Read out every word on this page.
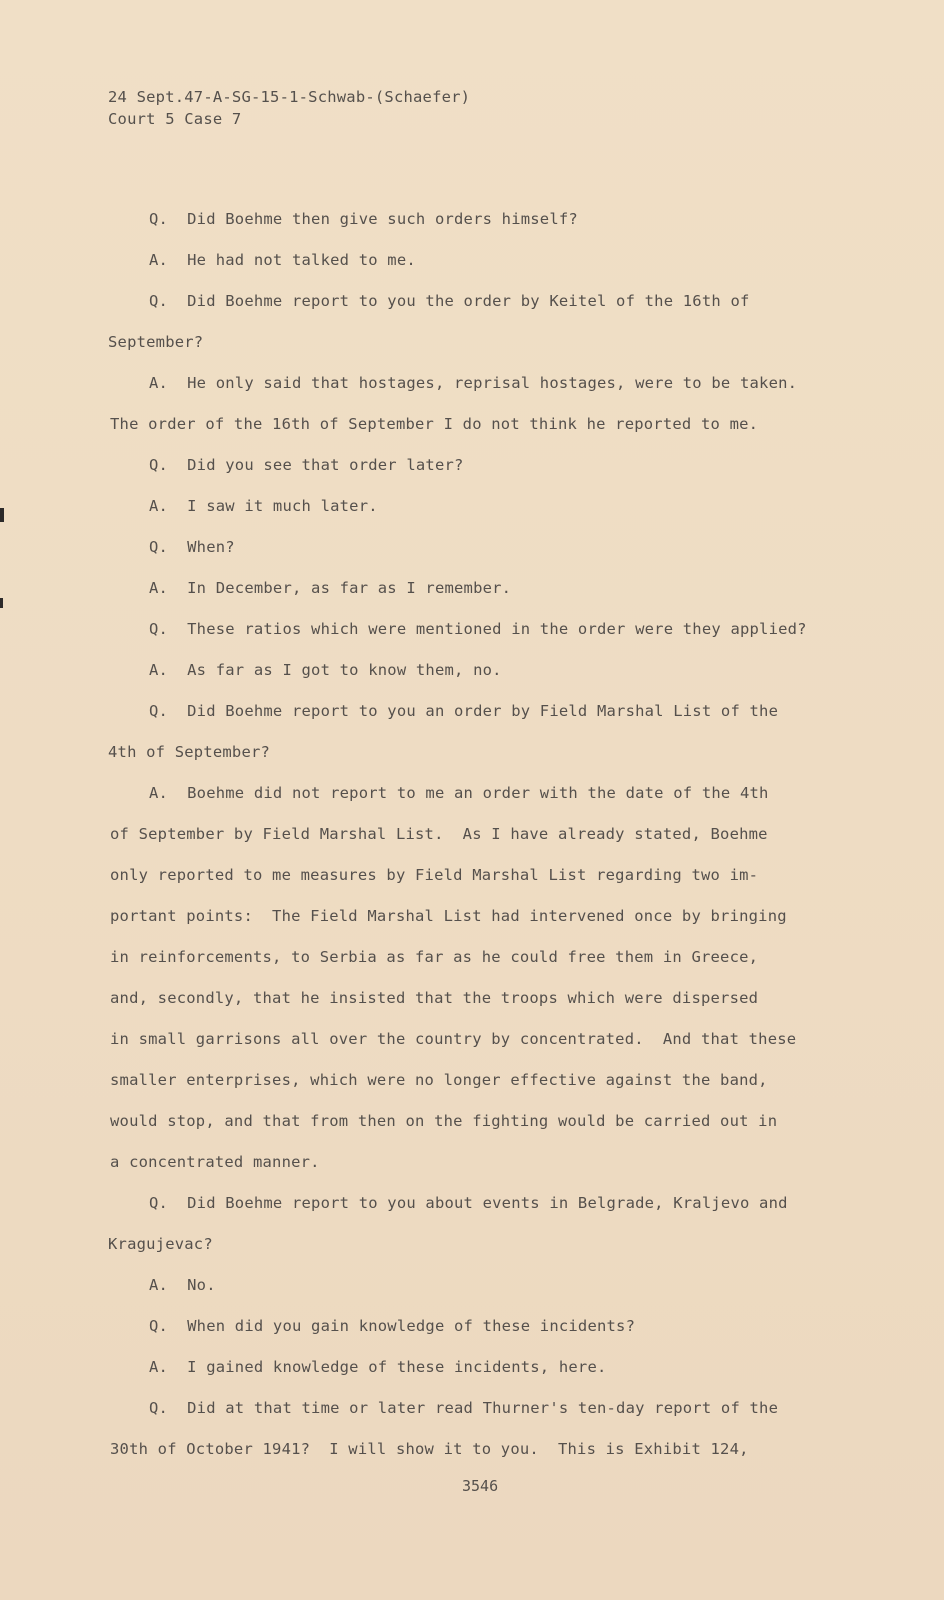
24 Sept.47-A-SG-15-1-Schwab-(Schaefer)
Court 5 Case 7
Q.  Did Boehme then give such orders himself?
A.  He had not talked to me.
Q.  Did Boehme report to you the order by Keitel of the 16th of
September?
A.  He only said that hostages, reprisal hostages, were to be taken.
The order of the 16th of September I do not think he reported to me.
Q.  Did you see that order later?
A.  I saw it much later.
Q.  When?
A.  In December, as far as I remember.
Q.  These ratios which were mentioned in the order were they applied?
A.  As far as I got to know them, no.
Q.  Did Boehme report to you an order by Field Marshal List of the
4th of September?
A.  Boehme did not report to me an order with the date of the 4th
of September by Field Marshal List.  As I have already stated, Boehme
only reported to me measures by Field Marshal List regarding two im-
portant points:  The Field Marshal List had intervened once by bringing
in reinforcements, to Serbia as far as he could free them in Greece,
and, secondly, that he insisted that the troops which were dispersed
in small garrisons all over the country by concentrated.  And that these
smaller enterprises, which were no longer effective against the band,
would stop, and that from then on the fighting would be carried out in
a concentrated manner.
Q.  Did Boehme report to you about events in Belgrade, Kraljevo and
Kragujevac?
A.  No.
Q.  When did you gain knowledge of these incidents?
A.  I gained knowledge of these incidents, here.
Q.  Did at that time or later read Thurner's ten-day report of the
30th of October 1941?  I will show it to you.  This is Exhibit 124,
3546
